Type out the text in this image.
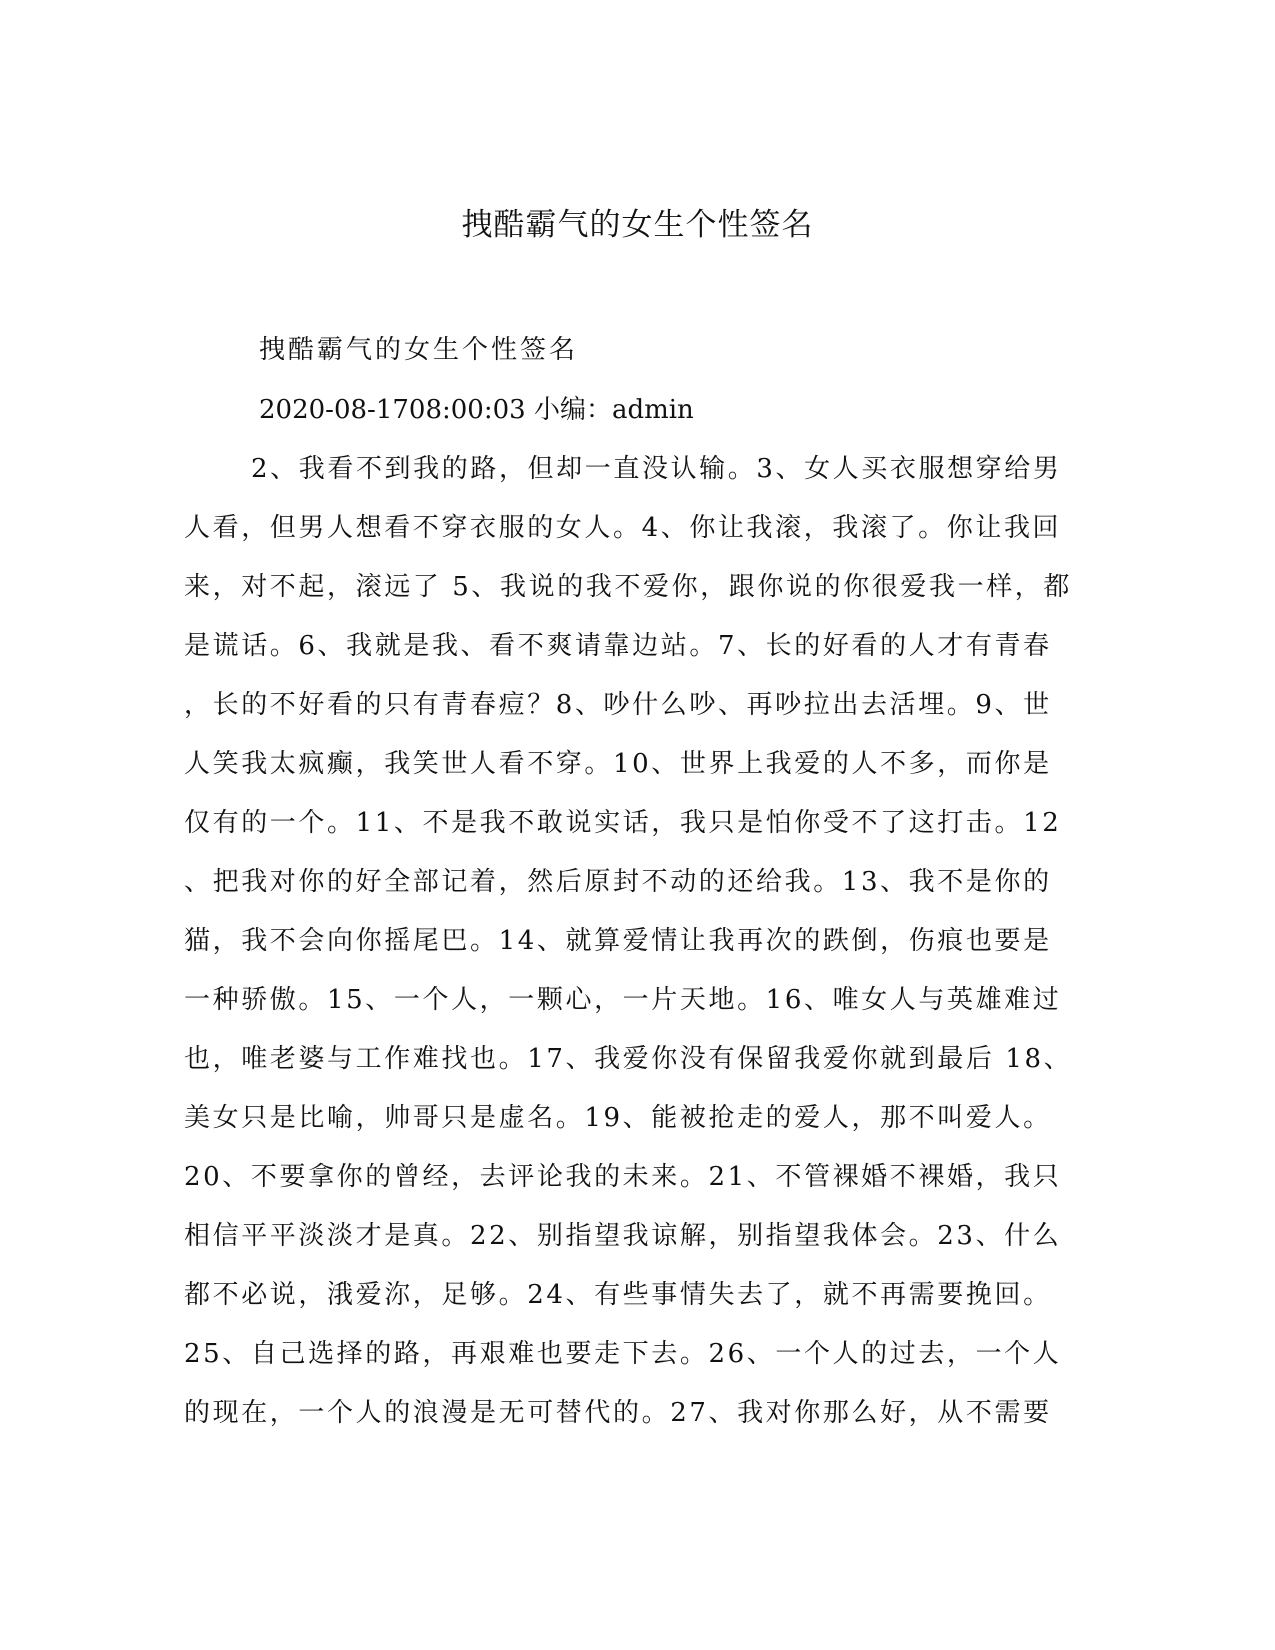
拽酷霸气的女生个性签名
拽酷霸气的女生个性签名
2020-08-1708:00:03 小编：admin
2、我看不到我的路，但却一直没认输。3、女人买衣服想穿给男
人看，但男人想看不穿衣服的女人。4、你让我滚，我滚了。你让我回
来，对不起，滚远了 5、我说的我不爱你，跟你说的你很爱我一样，都
是谎话。6、我就是我、看不爽请靠边站。7、长的好看的人才有青春
，长的不好看的只有青春痘？8、吵什么吵、再吵拉出去活埋。9、世
人笑我太疯癫，我笑世人看不穿。10、世界上我爱的人不多，而你是
仅有的一个。11、不是我不敢说实话，我只是怕你受不了这打击。12
、把我对你的好全部记着，然后原封不动的还给我。13、我不是你的
猫，我不会向你摇尾巴。14、就算爱情让我再次的跌倒，伤痕也要是
一种骄傲。15、一个人，一颗心，一片天地。16、唯女人与英雄难过
也，唯老婆与工作难找也。17、我爱你没有保留我爱你就到最后 18、
美女只是比喻，帅哥只是虚名。19、能被抢走的爱人，那不叫爱人。
20、不要拿你的曾经，去评论我的未来。21、不管裸婚不裸婚，我只
相信平平淡淡才是真。22、别指望我谅解，别指望我体会。23、什么
都不必说，涐爱沵，足够。24、有些事情失去了，就不再需要挽回。
25、自己选择的路，再艰难也要走下去。26、一个人的过去，一个人
的现在，一个人的浪漫是无可替代的。27、我对你那么好，从不需要
